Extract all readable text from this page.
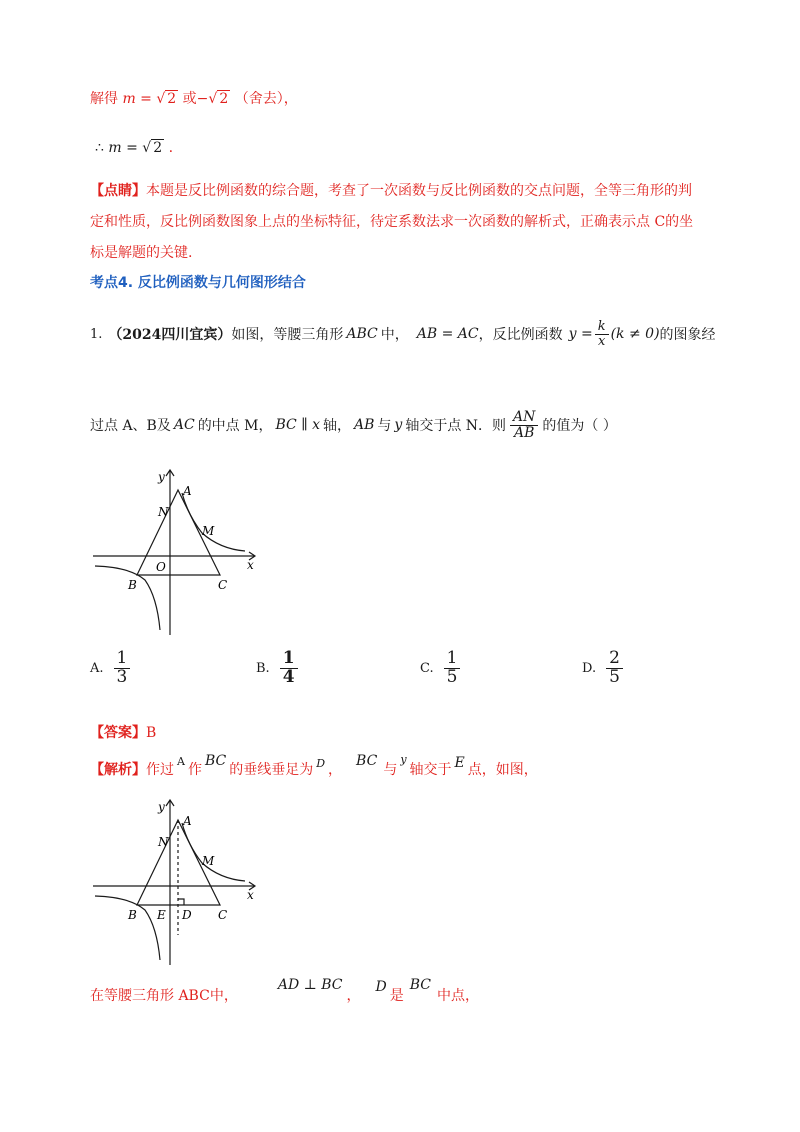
解得 m = √ 2 或−√ 2 （舍去），
∴ m = √ 2 .
【点睛】本题是反比例函数的综合题，考查了一次函数与反比例函数的交点问题，全等三角形的判
定和性质，反比例函数图象上点的坐标特征，待定系数法求一次函数的解析式，正确表示点 C的坐
标是解题的关键.
考点4. 反比例函数与几何图形结合
1. （2024四川宜宾） 如图，等腰三角形 ABC 中， AB = AC ，反比例函数 $y = \frac{k}{x} (k \ne 0)$ 的图象经
过点 A、B及 AC 的中点 M， BC ∥ x 轴， AB 与 y 轴交于点 N．则 $\frac{AN}{AB}$ 的值为（ ）
y
x
O
A
B	C
N
M
A. $\frac{1}{3}$	B. $\frac{1}{4}$	C. $\frac{1}{5}$	D. $\frac{2}{5}$
【答案】B
【解析】 作过
A
作
BC
的垂线垂足为 D ，
BC
与
y
轴交于 E 点，如图，
y
x
A
B	C
N
M
E D
在等腰三角形 ABC中，
AD ⊥ BC
，
D
是
BC
中点，
